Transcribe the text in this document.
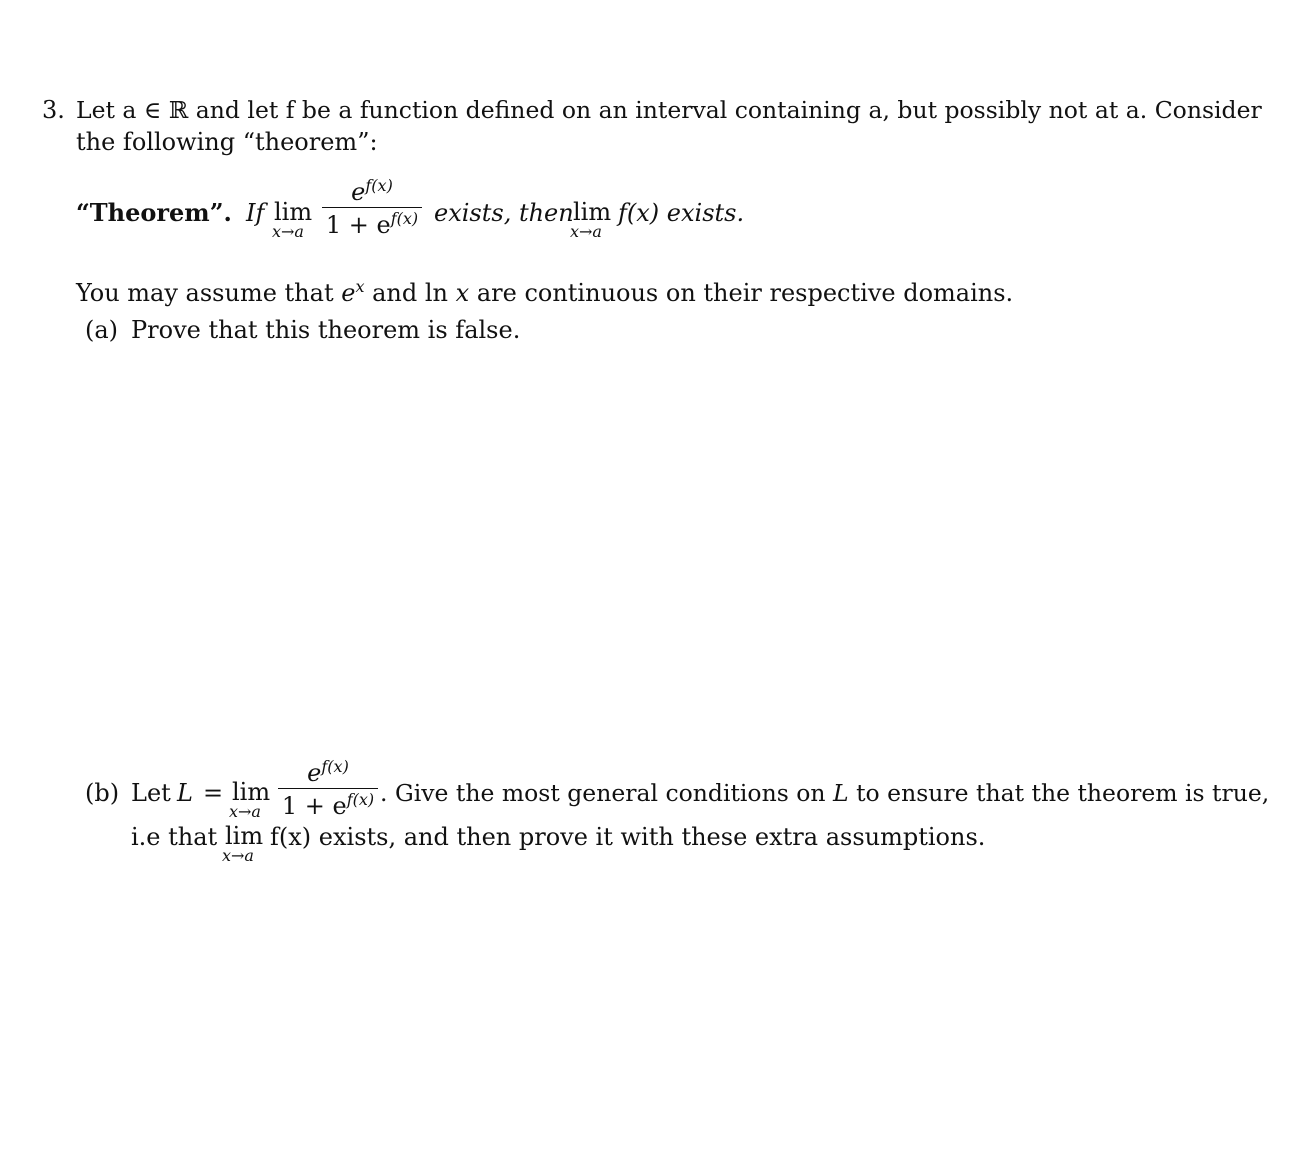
3. Let a ∈ ℝ and let f be a function defined on an interval containing a, but possibly not at a. Consider
the following “theorem”:
“Theorem”. If lim
x→a
$e^{f(x)}$
$1 + e^{f(x)}$ exists, then lim
x→a
f(x) exists.
You may assume that $e^x$ and ln x are continuous on their respective domains.
(a) Prove that this theorem is false.
(b) Let L = lim
x→a
$e^{f(x)}$
$1 + e^{f(x)}$ . Give the most general conditions on L to ensure that the theorem is true,
i.e that lim
x→a
f(x) exists, and then prove it with these extra assumptions.
